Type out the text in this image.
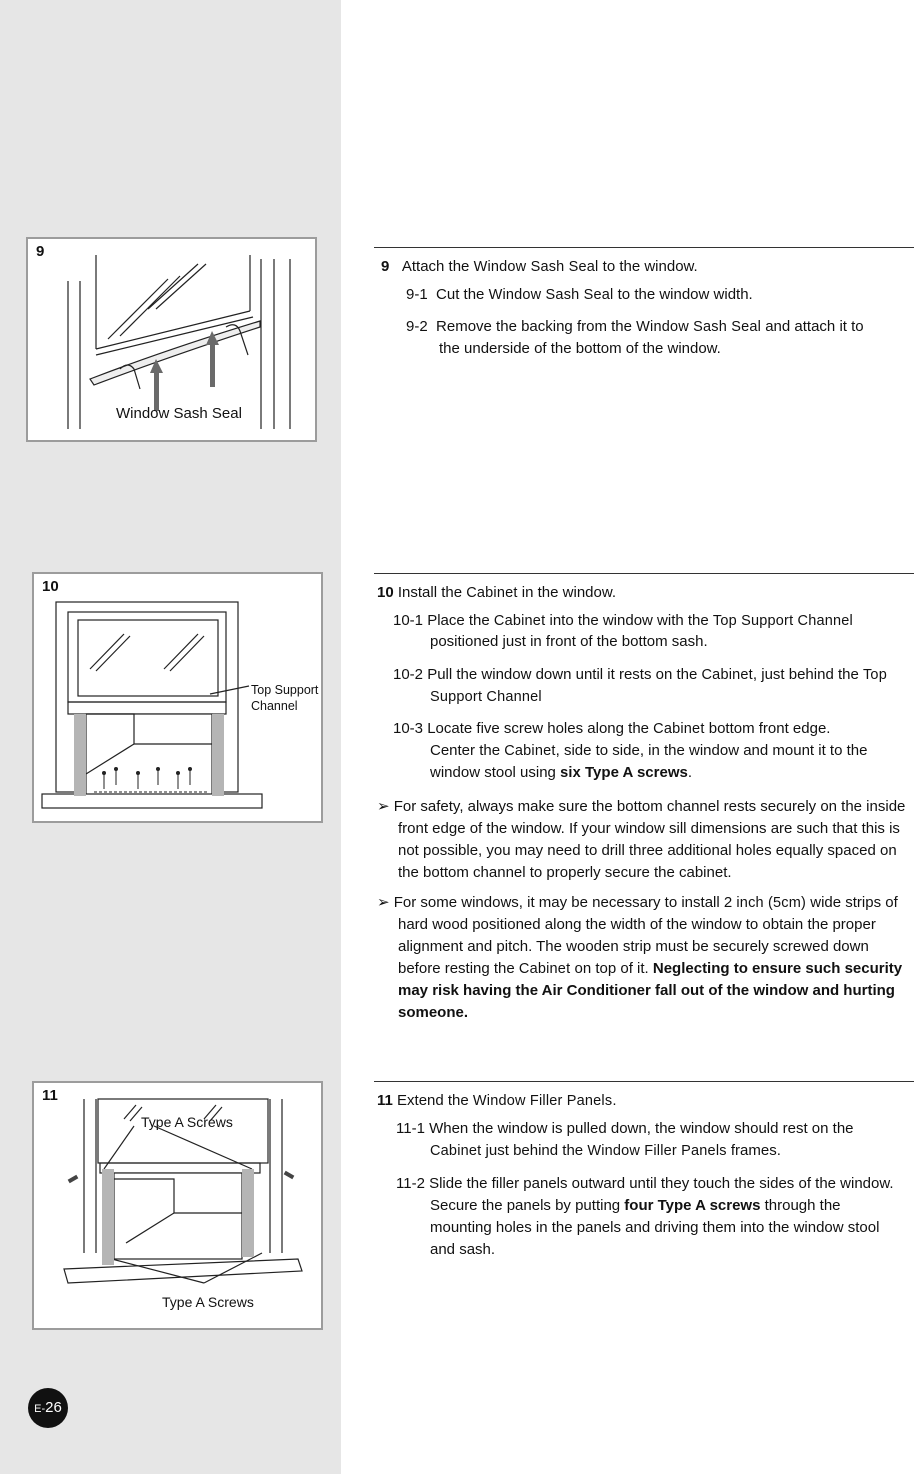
9
Window Sash Seal
10
Top Support
Channel
11
Type A Screws
Type A Screws
9 Attach the Window Sash Seal to the window.
9-1 Cut the Window Sash Seal to the window width.
9-2 Remove the backing from the Window Sash Seal and attach it to
the underside of the bottom of the window.
10 Install the Cabinet in the window.
10-1 Place the Cabinet into the window with the Top Support Channel
positioned just in front of the bottom sash.
10-2 Pull the window down until it rests on the Cabinet, just behind the Top
Support Channel
10-3 Locate five screw holes along the Cabinet bottom front edge.
Center the Cabinet, side to side, in the window and mount it to the
window stool using six Type A screws.
➢ For safety, always make sure the bottom channel rests securely on the inside
front edge of the window. If your window sill dimensions are such that this is
not possible, you may need to drill three additional holes equally spaced on
the bottom channel to properly secure the cabinet.
➢ For some windows, it may be necessary to install 2 inch (5cm) wide strips of
hard wood positioned along the width of the window to obtain the proper
alignment and pitch. The wooden strip must be securely screwed down
before resting the Cabinet on top of it. Neglecting to ensure such security
may risk having the Air Conditioner fall out of the window and hurting
someone.
11 Extend the Window Filler Panels.
11-1 When the window is pulled down, the window should rest on the
Cabinet just behind the Window Filler Panels frames.
11-2 Slide the filler panels outward until they touch the sides of the window.
Secure the panels by putting four Type A screws through the
mounting holes in the panels and driving them into the window stool
and sash.
E-26
